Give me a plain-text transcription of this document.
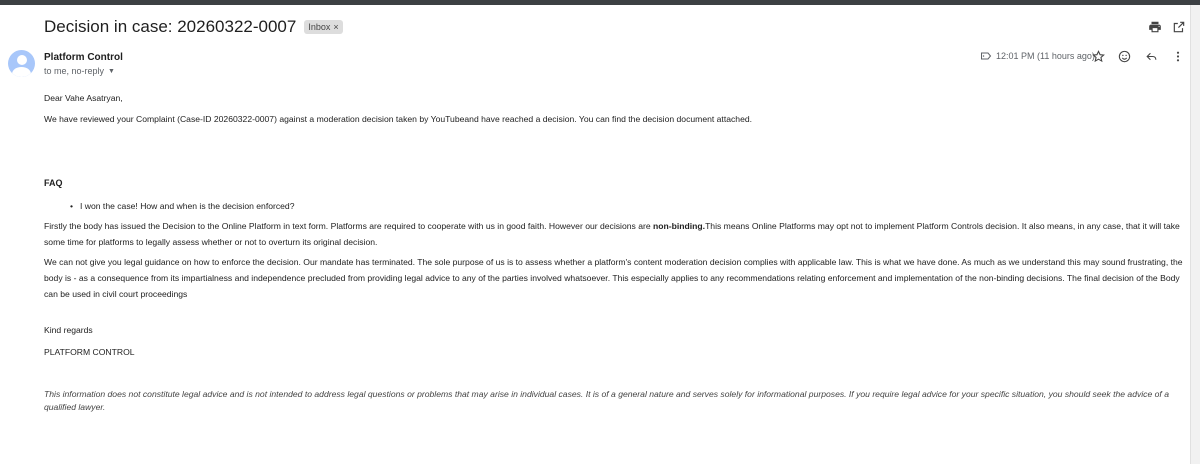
Decision in case: 20260322-0007 Inbox ×
Platform Control
to me, no-reply ▼
12:01 PM (11 hours ago)
Dear Vahe Asatryan,
We have reviewed your Complaint (Case-ID 20260322-0007) against a moderation decision taken by YouTubeand have reached a decision. You can find the decision document attached.
FAQ
• I won the case! How and when is the decision enforced?
Firstly the body has issued the Decision to the Online Platform in text form. Platforms are required to cooperate with us in good faith. However our decisions are non-binding.This means Online Platforms may opt not to implement Platform Controls decision. It also means, in any case, that it will take some time for platforms to legally assess whether or not to overturn its original decision.
We can not give you legal guidance on how to enforce the decision. Our mandate has terminated. The sole purpose of us is to assess whether a platform's content moderation decision complies with applicable law. This is what we have done. As much as we understand this may sound frustrating, the body is - as a consequence from its impartialness and independence precluded from providing legal advice to any of the parties involved whatsoever. This especially applies to any recommendations relating enforcement and implementation of the non-binding decisions. The final decision of the Body can be used in civil court proceedings
Kind regards
PLATFORM CONTROL
This information does not constitute legal advice and is not intended to address legal questions or problems that may arise in individual cases. It is of a general nature and serves solely for informational purposes. If you require legal advice for your specific situation, you should seek the advice of a qualified lawyer.
